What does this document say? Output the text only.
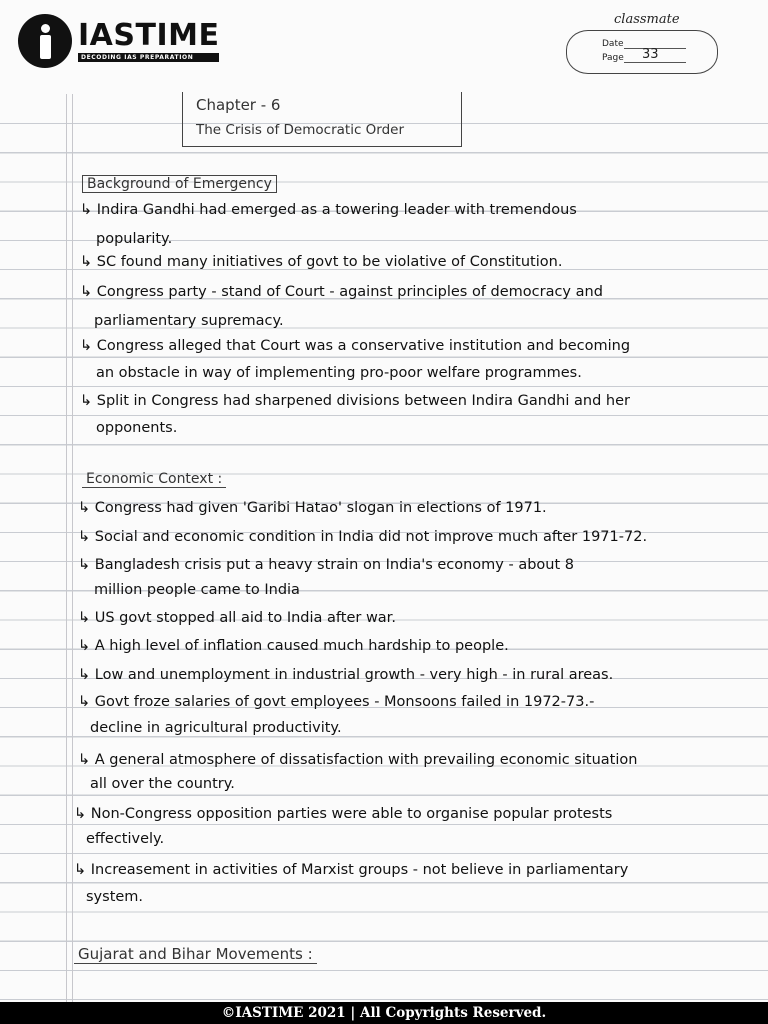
IASTIME
DECODING IAS PREPARATION
classmate
Date
Page 33
Chapter - 6
The Crisis of Democratic Order
Background of Emergency
↳ Indira Gandhi had emerged as a towering leader with tremendous
popularity.
↳ SC found many initiatives of govt to be violative of Constitution.
↳ Congress party - stand of Court - against principles of democracy and
parliamentary supremacy.
↳ Congress alleged that Court was a conservative institution and becoming
an obstacle in way of implementing pro-poor welfare programmes.
↳ Split in Congress had sharpened divisions between Indira Gandhi and her
opponents.
Economic Context :
↳ Congress had given 'Garibi Hatao' slogan in elections of 1971.
↳ Social and economic condition in India did not improve much after 1971-72.
↳ Bangladesh crisis put a heavy strain on India's economy - about 8
million people came to India
↳ US govt stopped all aid to India after war.
↳ A high level of inflation caused much hardship to people.
↳ Low and unemployment in industrial growth - very high - in rural areas.
↳ Govt froze salaries of govt employees - Monsoons failed in 1972-73.-
decline in agricultural productivity.
↳ A general atmosphere of dissatisfaction with prevailing economic situation
all over the country.
↳ Non-Congress opposition parties were able to organise popular protests
effectively.
↳ Increasement in activities of Marxist groups - not believe in parliamentary
system.
Gujarat and Bihar Movements :
©IASTIME 2021 | All Copyrights Reserved.
